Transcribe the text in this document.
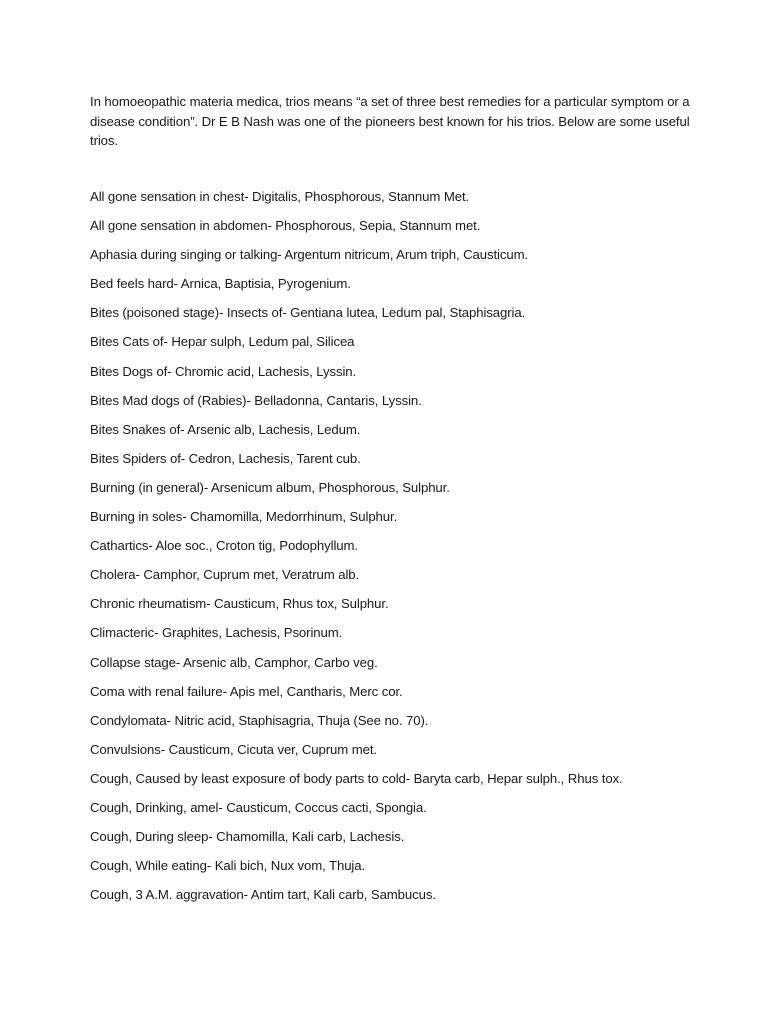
In homoeopathic materia medica, trios means “a set of three best remedies for a particular symptom or a disease condition”. Dr E B Nash was one of the pioneers best known for his trios. Below are some useful trios.

All gone sensation in chest- Digitalis, Phosphorous, Stannum Met.
All gone sensation in abdomen- Phosphorous, Sepia, Stannum met.
Aphasia during singing or talking- Argentum nitricum, Arum triph, Causticum.
Bed feels hard- Arnica, Baptisia, Pyrogenium.
Bites (poisoned stage)- Insects of- Gentiana lutea, Ledum pal, Staphisagria.
Bites Cats of- Hepar sulph, Ledum pal, Silicea
Bites Dogs of- Chromic acid, Lachesis, Lyssin.
Bites Mad dogs of (Rabies)- Belladonna, Cantaris, Lyssin.
Bites Snakes of- Arsenic alb, Lachesis, Ledum.
Bites Spiders of- Cedron, Lachesis, Tarent cub.
Burning (in general)- Arsenicum album, Phosphorous, Sulphur.
Burning in soles- Chamomilla, Medorrhinum, Sulphur.
Cathartics- Aloe soc., Croton tig, Podophyllum.
Cholera- Camphor, Cuprum met, Veratrum alb.
Chronic rheumatism- Causticum, Rhus tox, Sulphur.
Climacteric- Graphites, Lachesis, Psorinum.
Collapse stage- Arsenic alb, Camphor, Carbo veg.
Coma with renal failure- Apis mel, Cantharis, Merc cor.
Condylomata- Nitric acid, Staphisagria, Thuja (See no. 70).
Convulsions- Causticum, Cicuta ver, Cuprum met.
Cough, Caused by least exposure of body parts to cold- Baryta carb, Hepar sulph., Rhus tox.
Cough, Drinking, amel- Causticum, Coccus cacti, Spongia.
Cough, During sleep- Chamomilla, Kali carb, Lachesis.
Cough, While eating- Kali bich, Nux vom, Thuja.
Cough, 3 A.M. aggravation- Antim tart, Kali carb, Sambucus.
